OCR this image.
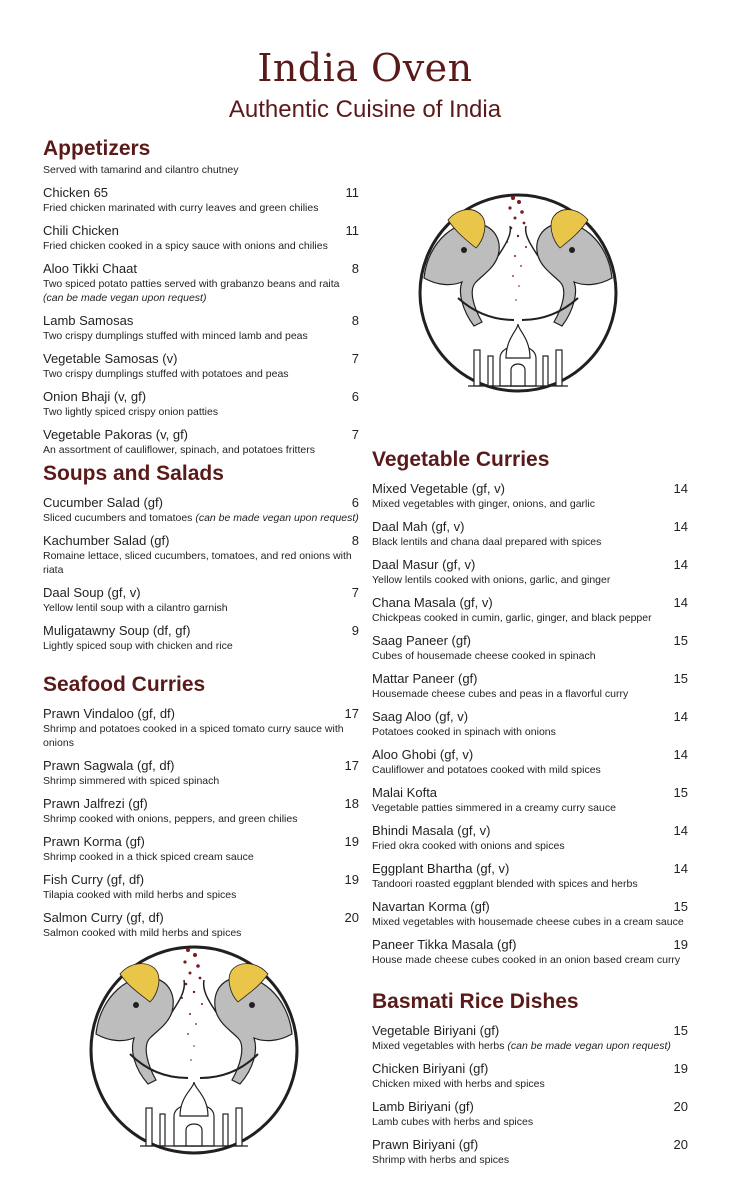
India Oven
Authentic Cuisine of India
Appetizers
Served with tamarind and cilantro chutney
Chicken 65	11
Fried chicken marinated with curry leaves and green chilies
Chili Chicken	11
Fried chicken cooked in a spicy sauce with onions and chilies
Aloo Tikki Chaat	8
Two spiced potato patties served with grabanzo beans and raita (can be made vegan upon request)
Lamb Samosas	8
Two crispy dumplings stuffed with minced lamb and peas
Vegetable Samosas (v)	7
Two crispy dumplings stuffed with potatoes and peas
Onion Bhaji (v, gf)	6
Two lightly spiced crispy onion patties
Vegetable Pakoras (v, gf)	7
An assortment of cauliflower, spinach, and potatoes fritters
Soups and Salads
Cucumber Salad (gf)	6
Sliced cucumbers and tomatoes (can be made vegan upon request)
Kachumber Salad (gf)	8
Romaine lettace, sliced cucumbers, tomatoes, and red onions with riata
Daal Soup (gf, v)	7
Yellow lentil soup with a cilantro garnish
Muligatawny Soup (df, gf)	9
Lightly spiced soup with chicken and rice
Seafood Curries
Prawn Vindaloo (gf, df)	17
Shrimp and potatoes cooked in a spiced tomato curry sauce with onions
Prawn Sagwala (gf, df)	17
Shrimp simmered with spiced spinach
Prawn Jalfrezi (gf)	18
Shrimp cooked with onions, peppers, and green chilies
Prawn Korma (gf)	19
Shrimp cooked in a thick spiced cream sauce
Fish Curry (gf, df)	19
Tilapia cooked with mild herbs and spices
Salmon Curry (gf, df)	20
Salmon cooked with mild herbs and spices
Vegetable Curries
Mixed Vegetable (gf, v)	14
Mixed vegetables with ginger, onions, and garlic
Daal Mah (gf, v)	14
Black lentils and chana daal prepared with spices
Daal Masur (gf, v)	14
Yellow lentils cooked with onions, garlic, and ginger
Chana Masala (gf, v)	14
Chickpeas cooked in cumin, garlic, ginger, and black pepper
Saag Paneer (gf)	15
Cubes of housemade cheese cooked in spinach
Mattar Paneer (gf)	15
Housemade cheese cubes and peas in a flavorful curry
Saag Aloo (gf, v)	14
Potatoes cooked in spinach with onions
Aloo Ghobi (gf, v)	14
Cauliflower and potatoes cooked with mild spices
Malai Kofta	15
Vegetable patties simmered in a creamy curry sauce
Bhindi Masala (gf, v)	14
Fried okra cooked with onions and spices
Eggplant Bhartha (gf, v)	14
Tandoori roasted eggplant blended with spices and herbs
Navartan Korma (gf)	15
Mixed vegetables with housemade cheese cubes in a cream sauce
Paneer Tikka Masala (gf)	19
House made cheese cubes cooked in an onion based cream curry
Basmati Rice Dishes
Vegetable Biriyani (gf)	15
Mixed vegetables with herbs (can be made vegan upon request)
Chicken Biriyani (gf)	19
Chicken mixed with herbs and spices
Lamb Biriyani (gf)	20
Lamb cubes with herbs and spices
Prawn Biriyani (gf)	20
Shrimp with herbs and spices
